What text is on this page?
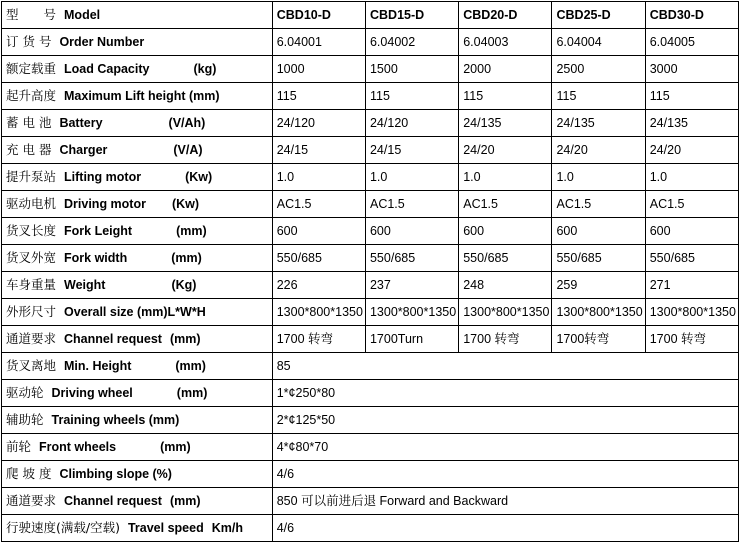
型　　号 Model	CBD10-D	CBD15-D	CBD20-D	CBD25-D	CBD30-D
订 货 号 Order Number	6.04001	6.04002	6.04003	6.04004	6.04005
额定载重 Load Capacity (kg)	1000	1500	2000	2500	3000
起升高度 Maximum Lift height (mm)	115	115	115	115	115
蓄 电 池 Battery (V/Ah)	24/120	24/120	24/135	24/135	24/135
充 电 器 Charger (V/A)	24/15	24/15	24/20	24/20	24/20
提升泵站 Lifting motor (Kw)	1.0	1.0	1.0	1.0	1.0
驱动电机 Driving motor (Kw)	AC1.5	AC1.5	AC1.5	AC1.5	AC1.5
货叉长度 Fork Leight (mm)	600	600	600	600	600
货叉外宽 Fork width (mm)	550/685	550/685	550/685	550/685	550/685
车身重量 Weight (Kg)	226	237	248	259	271
外形尺寸 Overall size (mm)L*W*H	1300*800*1350	1300*800*1350	1300*800*1350	1300*800*1350	1300*800*1350
通道要求 Channel request (mm)	1700 转弯	1700Turn	1700 转弯	1700转弯	1700 转弯
货叉离地 Min. Height (mm)	85				
驱动轮 Driving wheel (mm)	1*¢250*80				
辅助轮 Training wheels (mm)	2*¢125*50				
前轮 Front wheels (mm)	4*¢80*70				
爬 坡 度 Climbing slope (%)	4/6				
通道要求 Channel request (mm)	850 可以前进后退 Forward and Backward				
行驶速度(满载/空载) Travel speed Km/h	4/6				
